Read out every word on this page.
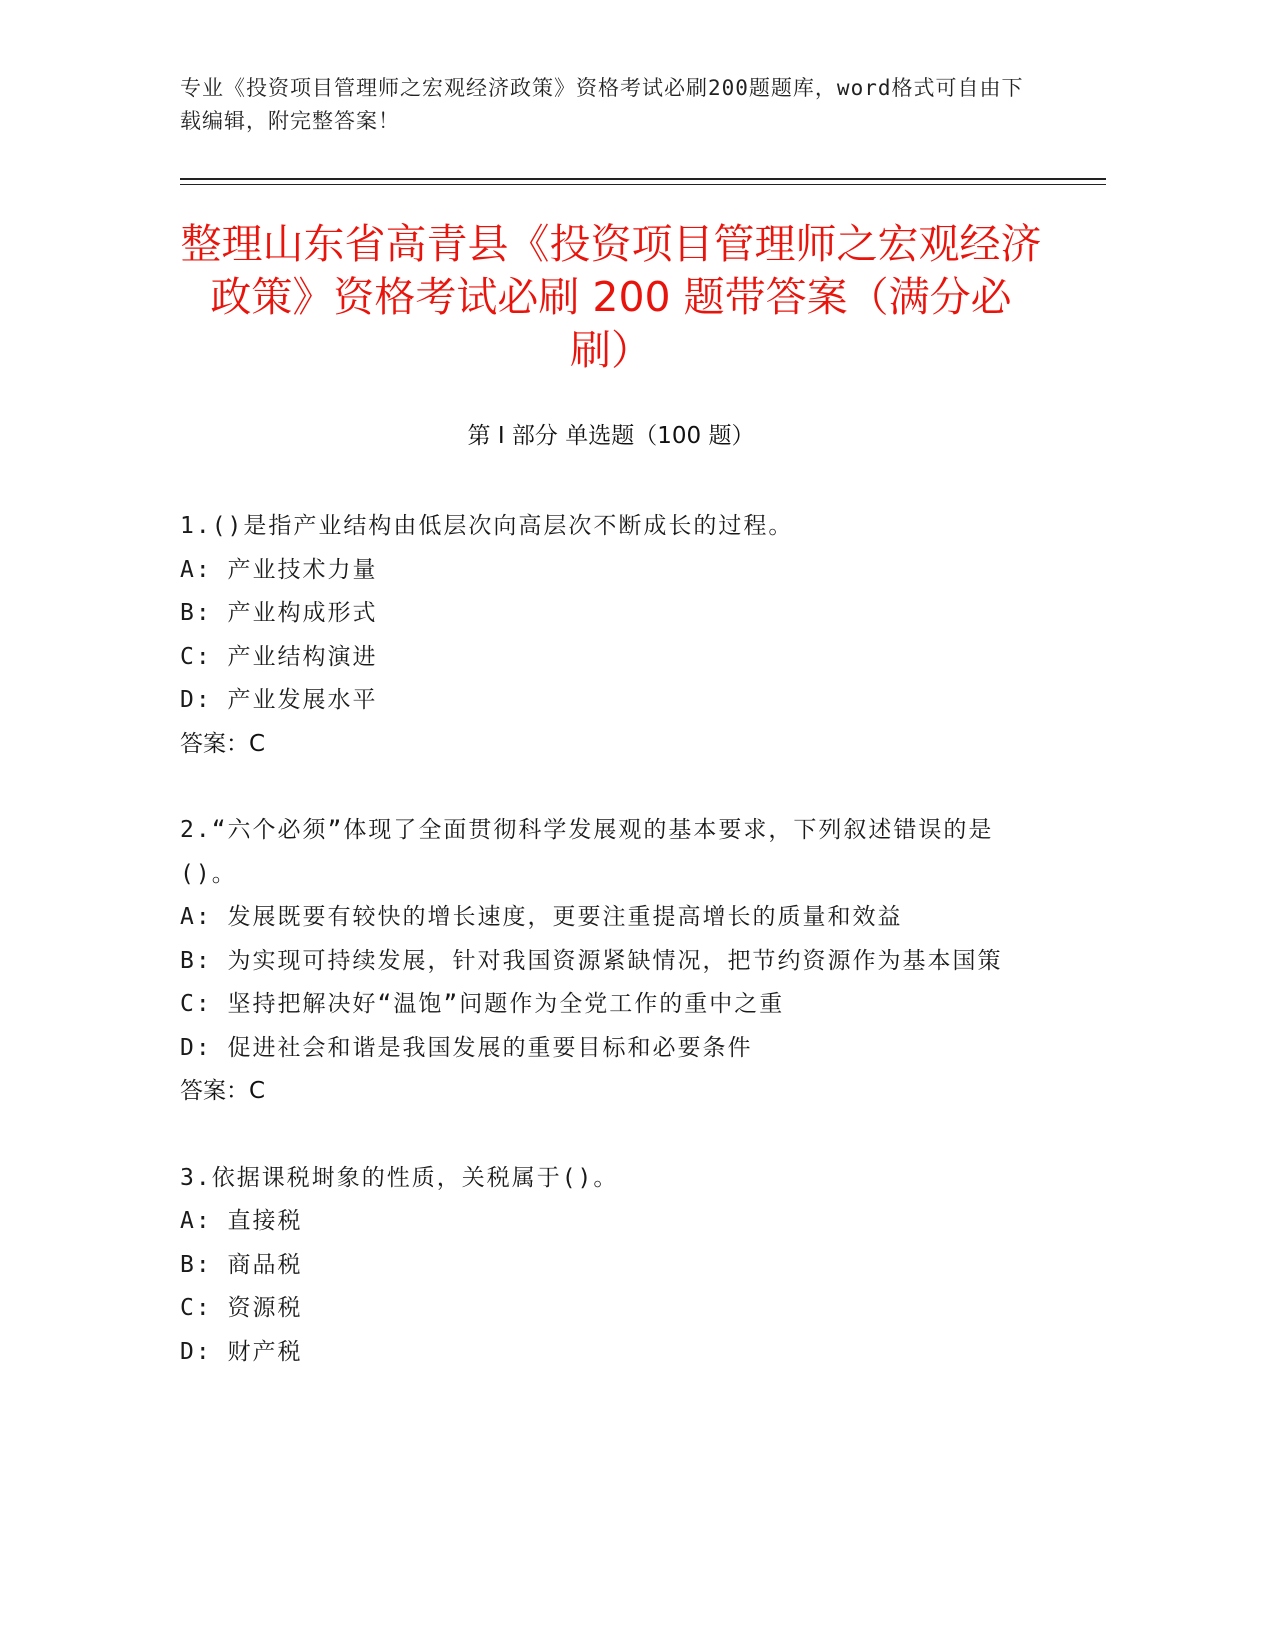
专业《投资项目管理师之宏观经济政策》资格考试必刷200题题库，word格式可自由下载编辑，附完整答案！
整理山东省高青县《投资项目管理师之宏观经济政策》资格考试必刷 200 题带答案（满分必刷）
第 I 部分 单选题（100 题）
1.()是指产业结构由低层次向高层次不断成长的过程。
A: 产业技术力量
B: 产业构成形式
C: 产业结构演进
D: 产业发展水平
答案：C
2.“六个必须”体现了全面贯彻科学发展观的基本要求，下列叙述错误的是()。
A: 发展既要有较快的增长速度，更要注重提高增长的质量和效益
B: 为实现可持续发展，针对我国资源紧缺情况，把节约资源作为基本国策
C: 坚持把解决好“温饱”问题作为全党工作的重中之重
D: 促进社会和谐是我国发展的重要目标和必要条件
答案：C
3.依据课税埘象的性质，关税属于()。
A: 直接税
B: 商品税
C: 资源税
D: 财产税
